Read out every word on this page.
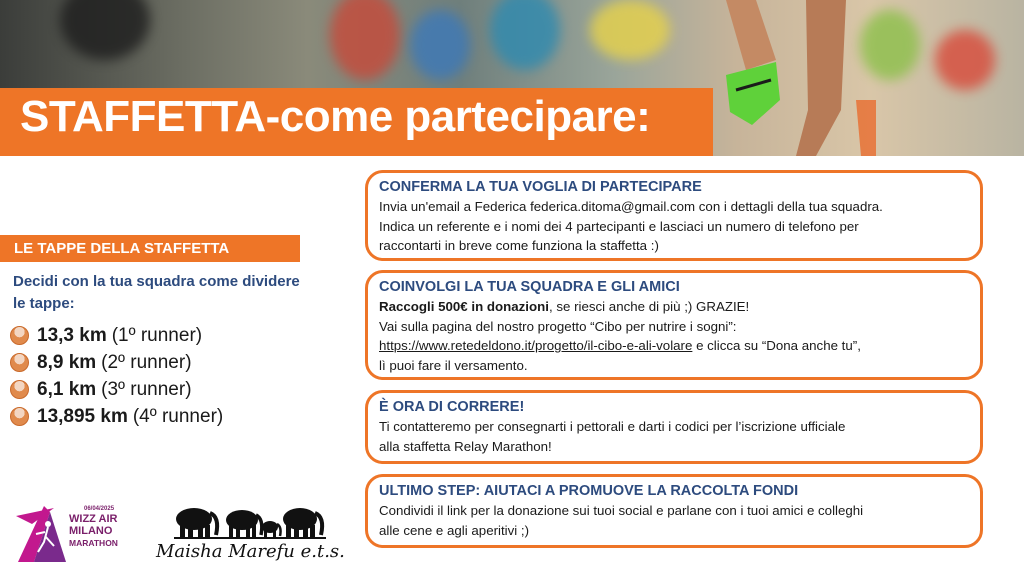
STAFFETTA-come partecipare:
LE TAPPE DELLA STAFFETTA
Decidi con la tua squadra come dividere le tappe:
13,3 km (1º runner)
8,9 km (2º runner)
6,1 km (3º runner)
13,895 km (4º runner)
CONFERMA LA TUA VOGLIA DI PARTECIPARE

Invia un'email a Federica federica.ditoma@gmail.com con i dettagli della tua squadra.

Indica un referente e i nomi dei 4 partecipanti e lasciaci un numero di telefono per

raccontarti in breve come funziona la staffetta :)

COINVOLGI LA TUA SQUADRA E GLI AMICI

Raccogli 500€ in donazioni, se riesci anche di più ;) GRAZIE!

Vai sulla pagina del nostro progetto “Cibo per nutrire i sogni”:

https://www.retedeldono.it/progetto/il-cibo-e-ali-volare e clicca su “Dona anche tu”,

lì puoi fare il versamento.

È ORA DI CORRERE!

Ti contatteremo per consegnarti i pettorali e darti i codici per l’iscrizione ufficiale

alla staffetta Relay Marathon!

ULTIMO STEP: AIUTACI A PROMUOVE LA RACCOLTA FONDI

Condividi il link per la donazione sui tuoi social e parlane con i tuoi amici e colleghi

alle cene e agli aperitivi ;)

06/04/2025
WIZZ AIR
MILANO
MARATHON Maisha Marefu e.t.s.
